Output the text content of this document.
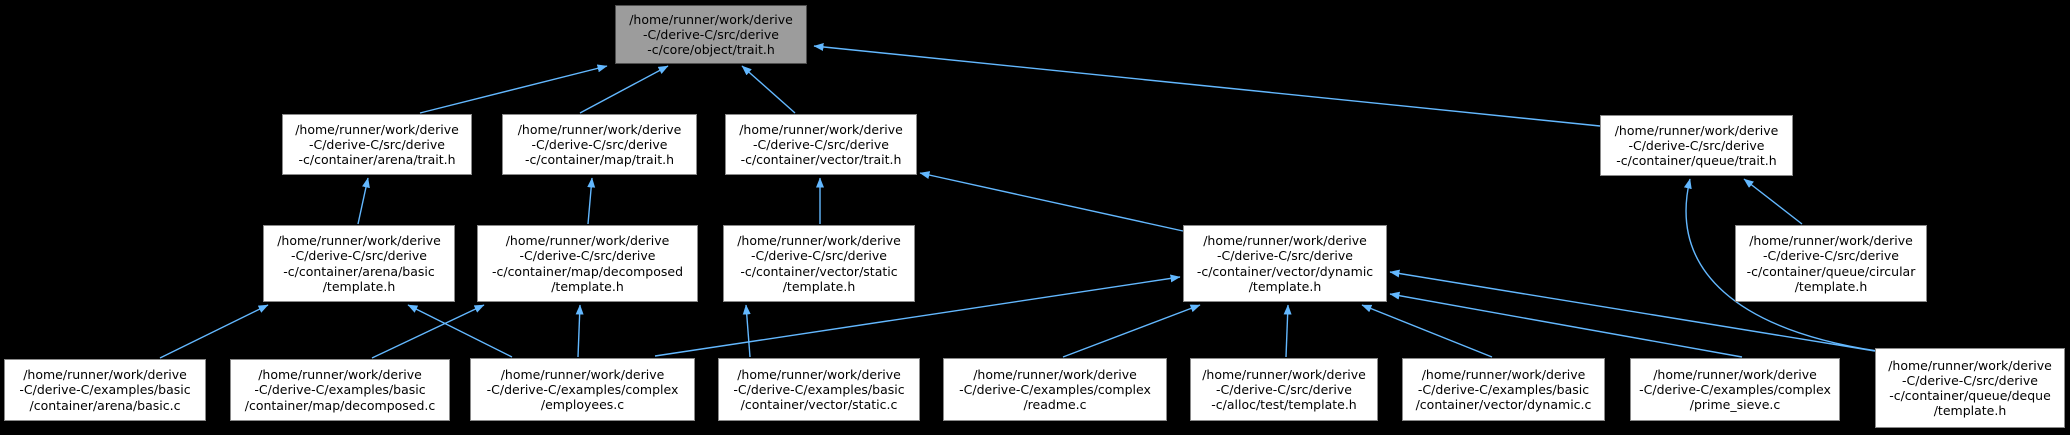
/home/runner/work/derive
-C/derive-C/src/derive
-c/core/object/trait.h
/home/runner/work/derive
-C/derive-C/src/derive
-c/container/arena/trait.h
/home/runner/work/derive
-C/derive-C/src/derive
-c/container/map/trait.h
/home/runner/work/derive
-C/derive-C/src/derive
-c/container/vector/trait.h
/home/runner/work/derive
-C/derive-C/src/derive
-c/container/queue/trait.h
/home/runner/work/derive
-C/derive-C/src/derive
-c/container/arena/basic
/template.h
/home/runner/work/derive
-C/derive-C/src/derive
-c/container/map/decomposed
/template.h
/home/runner/work/derive
-C/derive-C/src/derive
-c/container/vector/static
/template.h
/home/runner/work/derive
-C/derive-C/src/derive
-c/container/vector/dynamic
/template.h
/home/runner/work/derive
-C/derive-C/src/derive
-c/container/queue/circular
/template.h
/home/runner/work/derive
-C/derive-C/examples/basic
/container/arena/basic.c
/home/runner/work/derive
-C/derive-C/examples/basic
/container/map/decomposed.c
/home/runner/work/derive
-C/derive-C/examples/complex
/employees.c
/home/runner/work/derive
-C/derive-C/examples/basic
/container/vector/static.c
/home/runner/work/derive
-C/derive-C/examples/complex
/readme.c
/home/runner/work/derive
-C/derive-C/src/derive
-c/alloc/test/template.h
/home/runner/work/derive
-C/derive-C/examples/basic
/container/vector/dynamic.c
/home/runner/work/derive
-C/derive-C/examples/complex
/prime_sieve.c
/home/runner/work/derive
-C/derive-C/src/derive
-c/container/queue/deque
/template.h
